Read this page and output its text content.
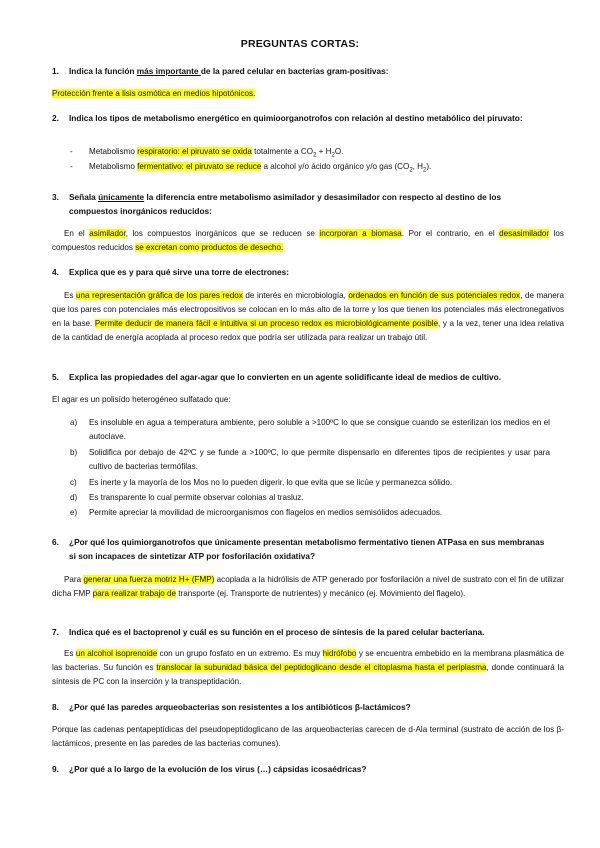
PREGUNTAS CORTAS:
1.	Indica la función más importante de la pared celular en bacterias gram-positivas:
Protección frente a lisis osmótica en medios hipotónicos.
2.	Indica los tipos de metabolismo energético en quimioorganotrofos con relación al destino metabólico del piruvato:
-	Metabolismo respiratorio: el piruvato se oxida totalmente a $CO_2 + H_2O$.
-	Metabolismo fermentativo: el piruvato se reduce a alcohol y/o ácido orgánico y/o gas ($CO_2$, $H_2$).
3.	Señala únicamente la diferencia entre metabolismo asimilador y desasimilador con respecto al destino de los compuestos inorgánicos reducidos:
En el asimilador, los compuestos inorgánicos que se reducen se incorporan a biomasa. Por el contrario, en el desasimilador los compuestos reducidos se excretan como productos de desecho.
4.	Explica que es y para qué sirve una torre de electrones:
Es una representación gráfica de los pares redox de interés en microbiología, ordenados en función de sus potenciales redox, de manera que los pares con potenciales más electropositivos se colocan en lo más alto de la torre y los que tienen los potenciales más electronegativos en la base. Permite deducir de manera fácil e intuitiva si un proceso redox es microbiológicamente posible, y a la vez, tener una idea relativa de la cantidad de energía acoplada al proceso redox que podría ser utilizada para realizar un trabajo útil.
5.	Explica las propiedades del agar-agar que lo convierten en un agente solidificante ideal de medios de cultivo.
El agar es un polisído heterogéneo sulfatado que:
a)	Es insoluble en agua a temperatura ambiente, pero soluble a >100ºC lo que se consigue cuando se esterilizan los medios en el autoclave.
b)	Solidifica por debajo de 42ºC y se funde a >100ºC, lo que permite dispensarlo en diferentes tipos de recipientes y usar para cultivo de bacterias termófilas.
c)	Es inerte y la mayoría de los Mos no lo pueden digerir, lo que evita que se licúe y permanezca sólido.
d)	Es transparente lo cual permite observar colonias al trasluz.
e)	Permite apreciar la movilidad de microorganismos con flagelos en medios semisólidos adecuados.
6.	¿Por qué los quimiorganotrofos que únicamente presentan metabolismo fermentativo tienen ATPasa en sus membranas si son incapaces de sintetizar ATP por fosforilación oxidativa?
Para generar una fuerza motriz H+ (FMP) acoplada a la hidrólisis de ATP generado por fosforilación a nivel de sustrato con el fin de utilizar dicha FMP para realizar trabajo de transporte (ej. Transporte de nutrientes) y mecánico (ej. Movimiento del flagelo).
7.	Indica qué es el bactoprenol y cuál es su función en el proceso de síntesis de la pared celular bacteriana.
Es un alcohol isoprenoide con un grupo fosfato en un extremo. Es muy hidrófobo y se encuentra embebido en la membrana plasmática de las bacterias. Su función es translocar la subunidad básica del peptidoglicano desde el citoplasma hasta el periplasma, donde continuará la síntesis de PC con la inserción y la transpeptidación.
8.	¿Por qué las paredes arqueobacterias son resistentes a los antibióticos β-lactámicos?
Porque las cadenas pentapeptídicas del pseudopeptidoglicano de las arqueobacterias carecen de d-Ala terminal (sustrato de acción de los β-lactámicos, presente en las paredes de las bacterias comunes).
9.	¿Por qué a lo largo de la evolución de los virus (…) cápsidas icosaédricas?
